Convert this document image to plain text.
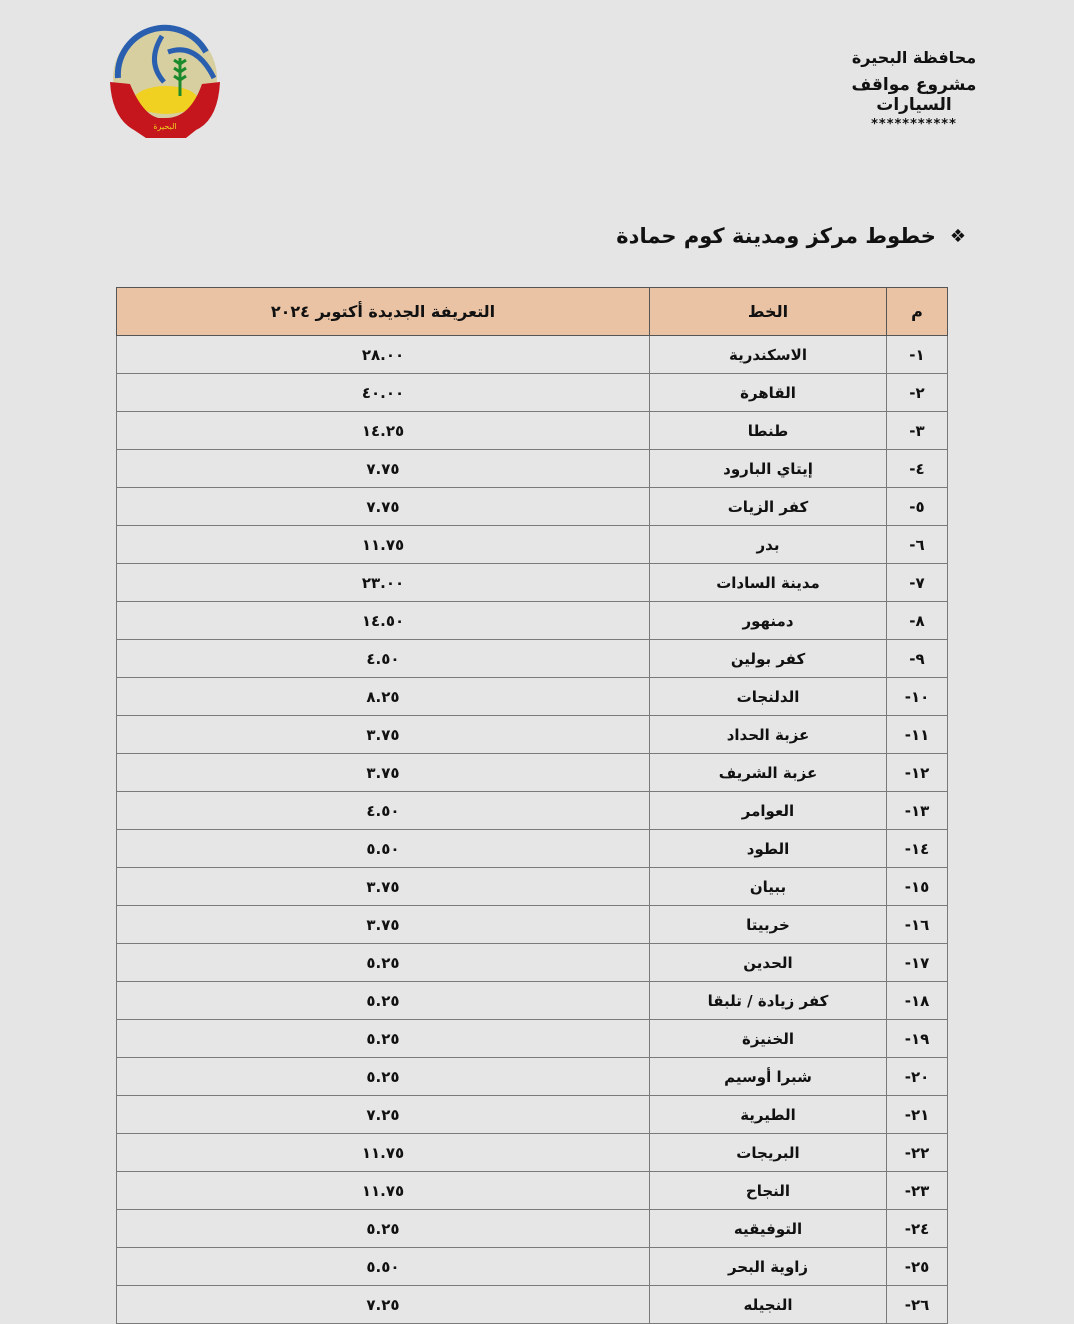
البحيرة
محافظة البحيرة
مشروع مواقف السيارات
***********
❖
خطوط مركز ومدينة كوم حمادة
م	الخط	التعريفة الجديدة أكتوبر ٢٠٢٤
١-	الاسكندرية	٢٨.٠٠
٢-	القاهرة	٤٠.٠٠
٣-	طنطا	١٤.٢٥
٤-	إيتاي البارود	٧.٧٥
٥-	كفر الزيات	٧.٧٥
٦-	بدر	١١.٧٥
٧-	مدينة السادات	٢٣.٠٠
٨-	دمنهور	١٤.٥٠
٩-	كفر بولين	٤.٥٠
١٠-	الدلنجات	٨.٢٥
١١-	عزبة الحداد	٣.٧٥
١٢-	عزبة الشريف	٣.٧٥
١٣-	العوامر	٤.٥٠
١٤-	الطود	٥.٥٠
١٥-	ببيان	٣.٧٥
١٦-	خربيتا	٣.٧٥
١٧-	الحدين	٥.٢٥
١٨-	كفر زيادة / تلبقا	٥.٢٥
١٩-	الخنيزة	٥.٢٥
٢٠-	شبرا أوسيم	٥.٢٥
٢١-	الطيرية	٧.٢٥
٢٢-	البريجات	١١.٧٥
٢٣-	النجاح	١١.٧٥
٢٤-	التوفيقيه	٥.٢٥
٢٥-	زاوية البحر	٥.٥٠
٢٦-	النجيله	٧.٢٥
